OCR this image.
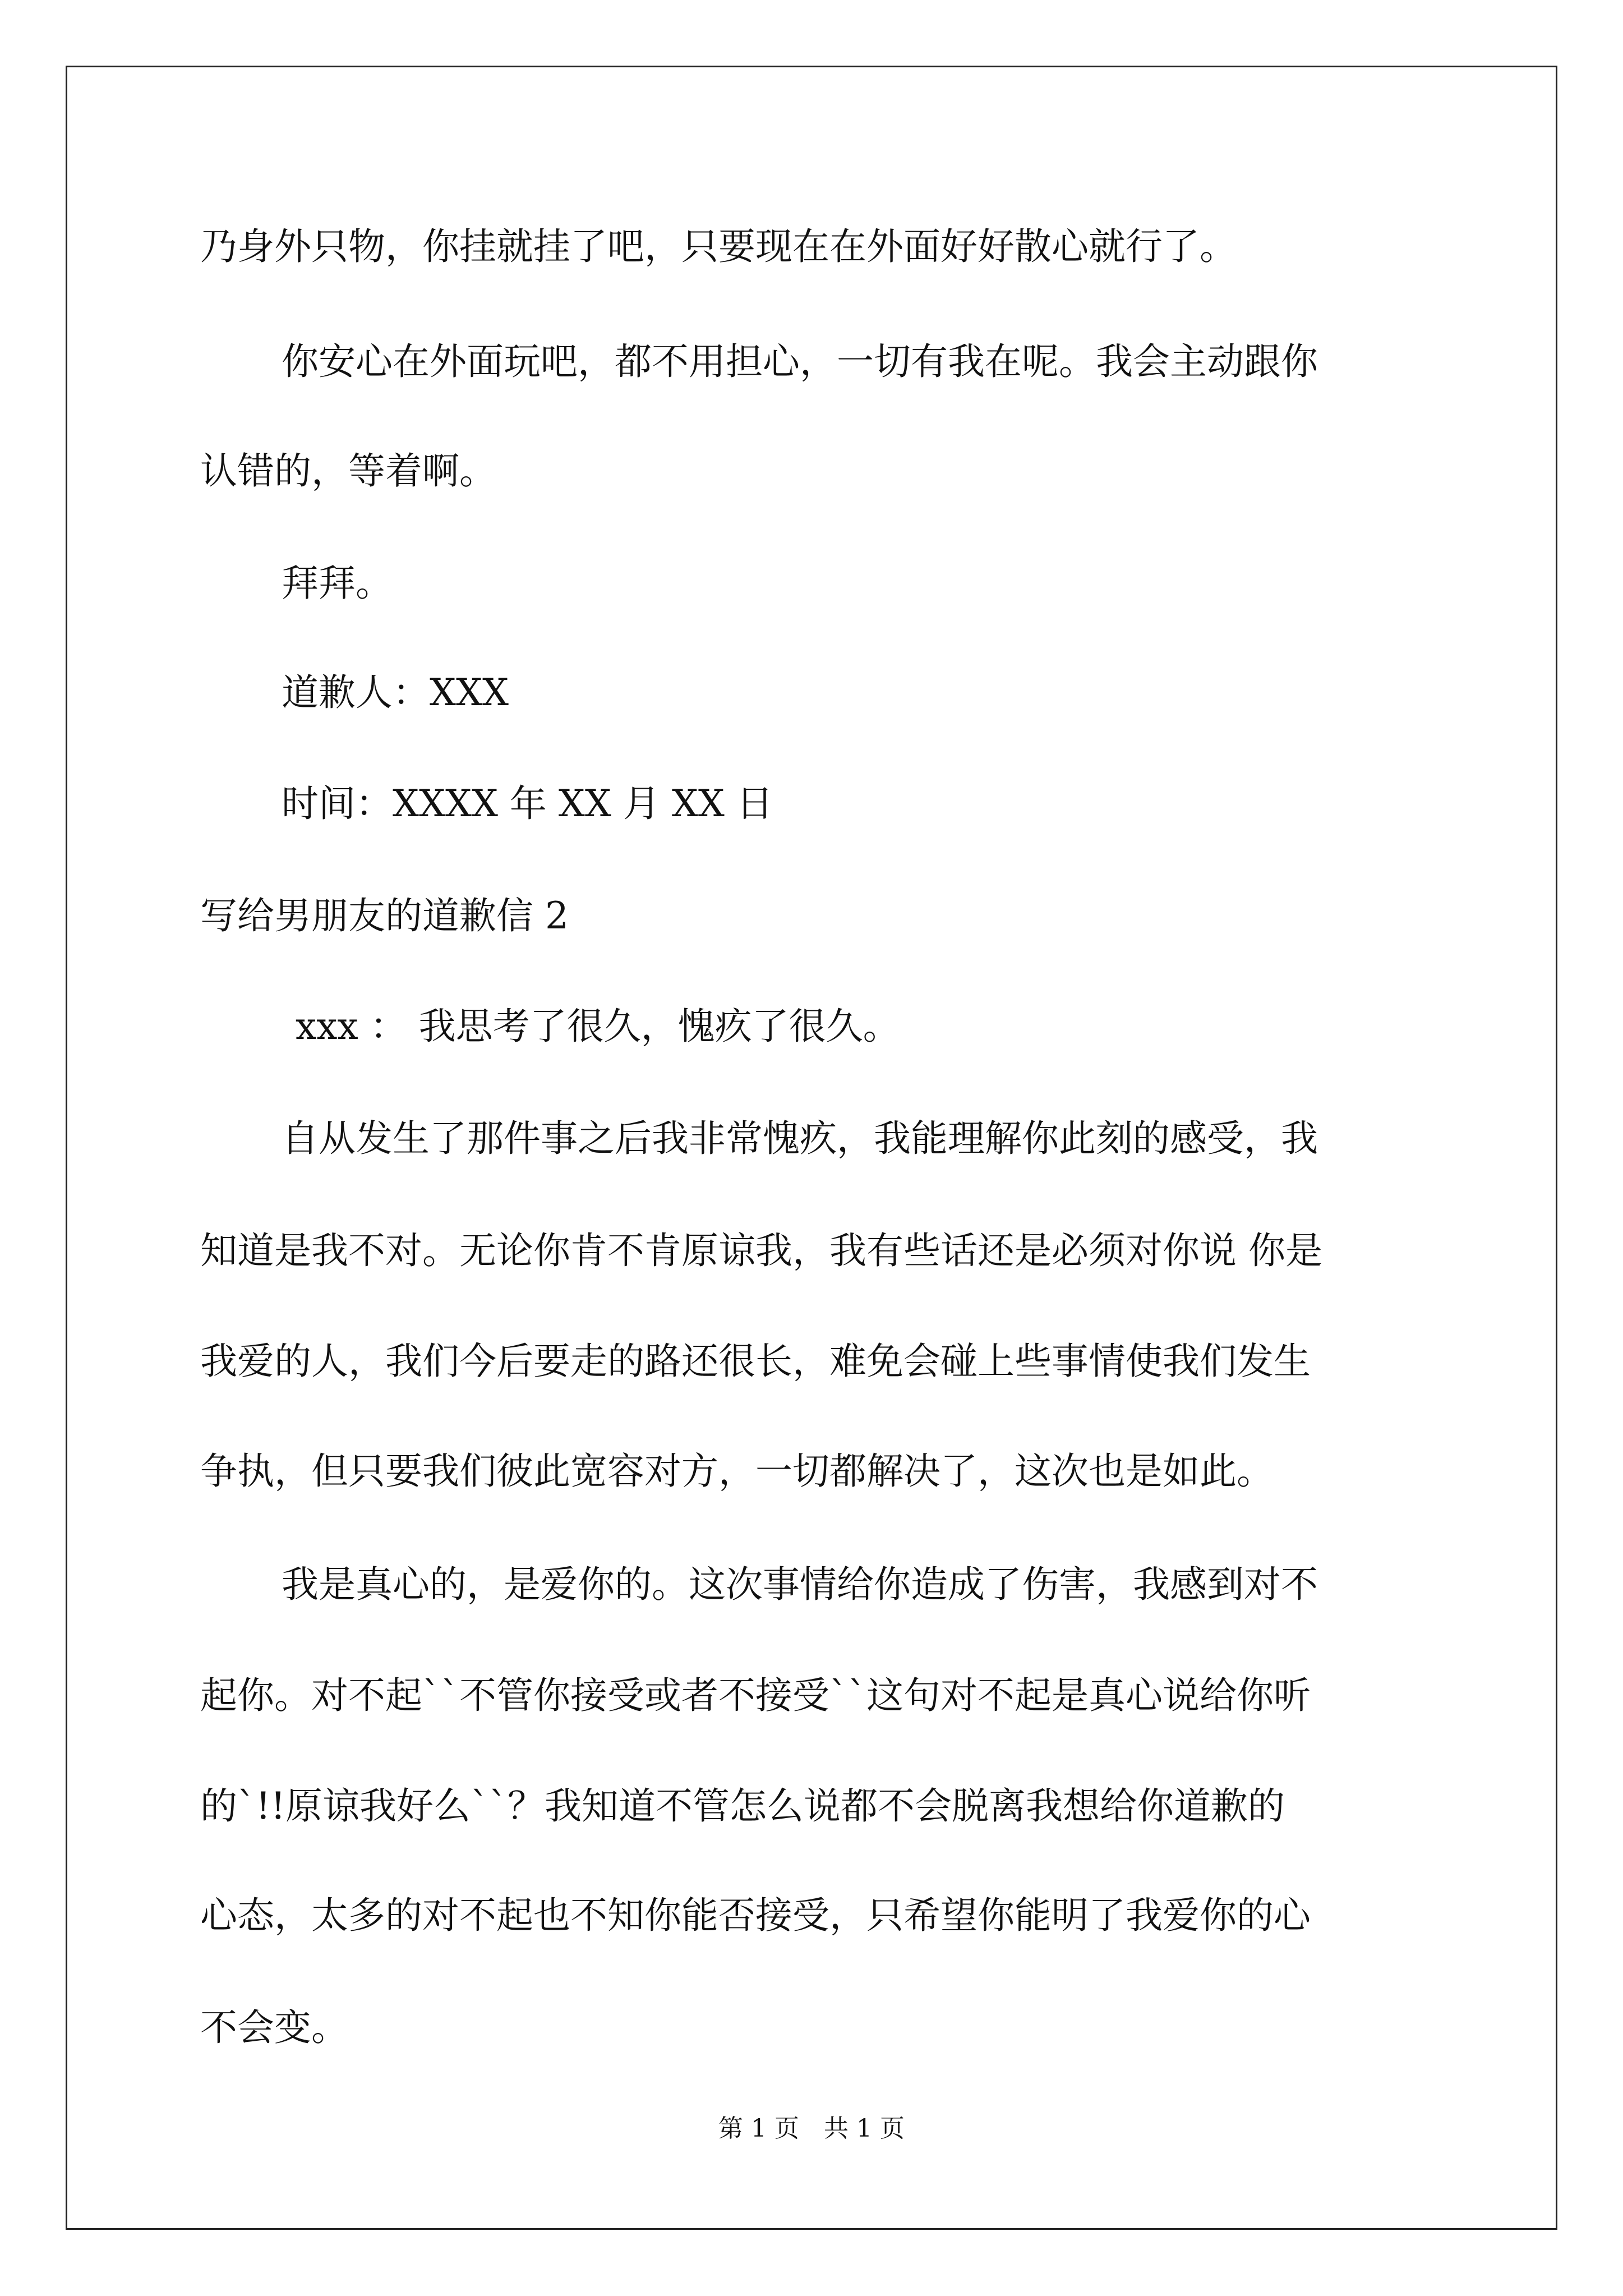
乃身外只物，你挂就挂了吧，只要现在在外面好好散心就行了。
你安心在外面玩吧，都不用担心，一切有我在呢。我会主动跟你
认错的，等着啊。
拜拜。
道歉人：XXX
时间：XXXX 年 XX 月 XX 日
写给男朋友的道歉信 2
xxx ： 我思考了很久，愧疚了很久。
自从发生了那件事之后我非常愧疚，我能理解你此刻的感受，我
知道是我不对。无论你肯不肯原谅我，我有些话还是必须对你说 你是
我爱的人，我们今后要走的路还很长，难免会碰上些事情使我们发生
争执，但只要我们彼此宽容对方，一切都解决了，这次也是如此。
我是真心的，是爱你的。这次事情给你造成了伤害，我感到对不
起你。对不起``不管你接受或者不接受``这句对不起是真心说给你听
的`!!原谅我好么``？我知道不管怎么说都不会脱离我想给你道歉的
心态，太多的对不起也不知你能否接受，只希望你能明了我爱你的心
不会变。
第 1 页　共 1 页
